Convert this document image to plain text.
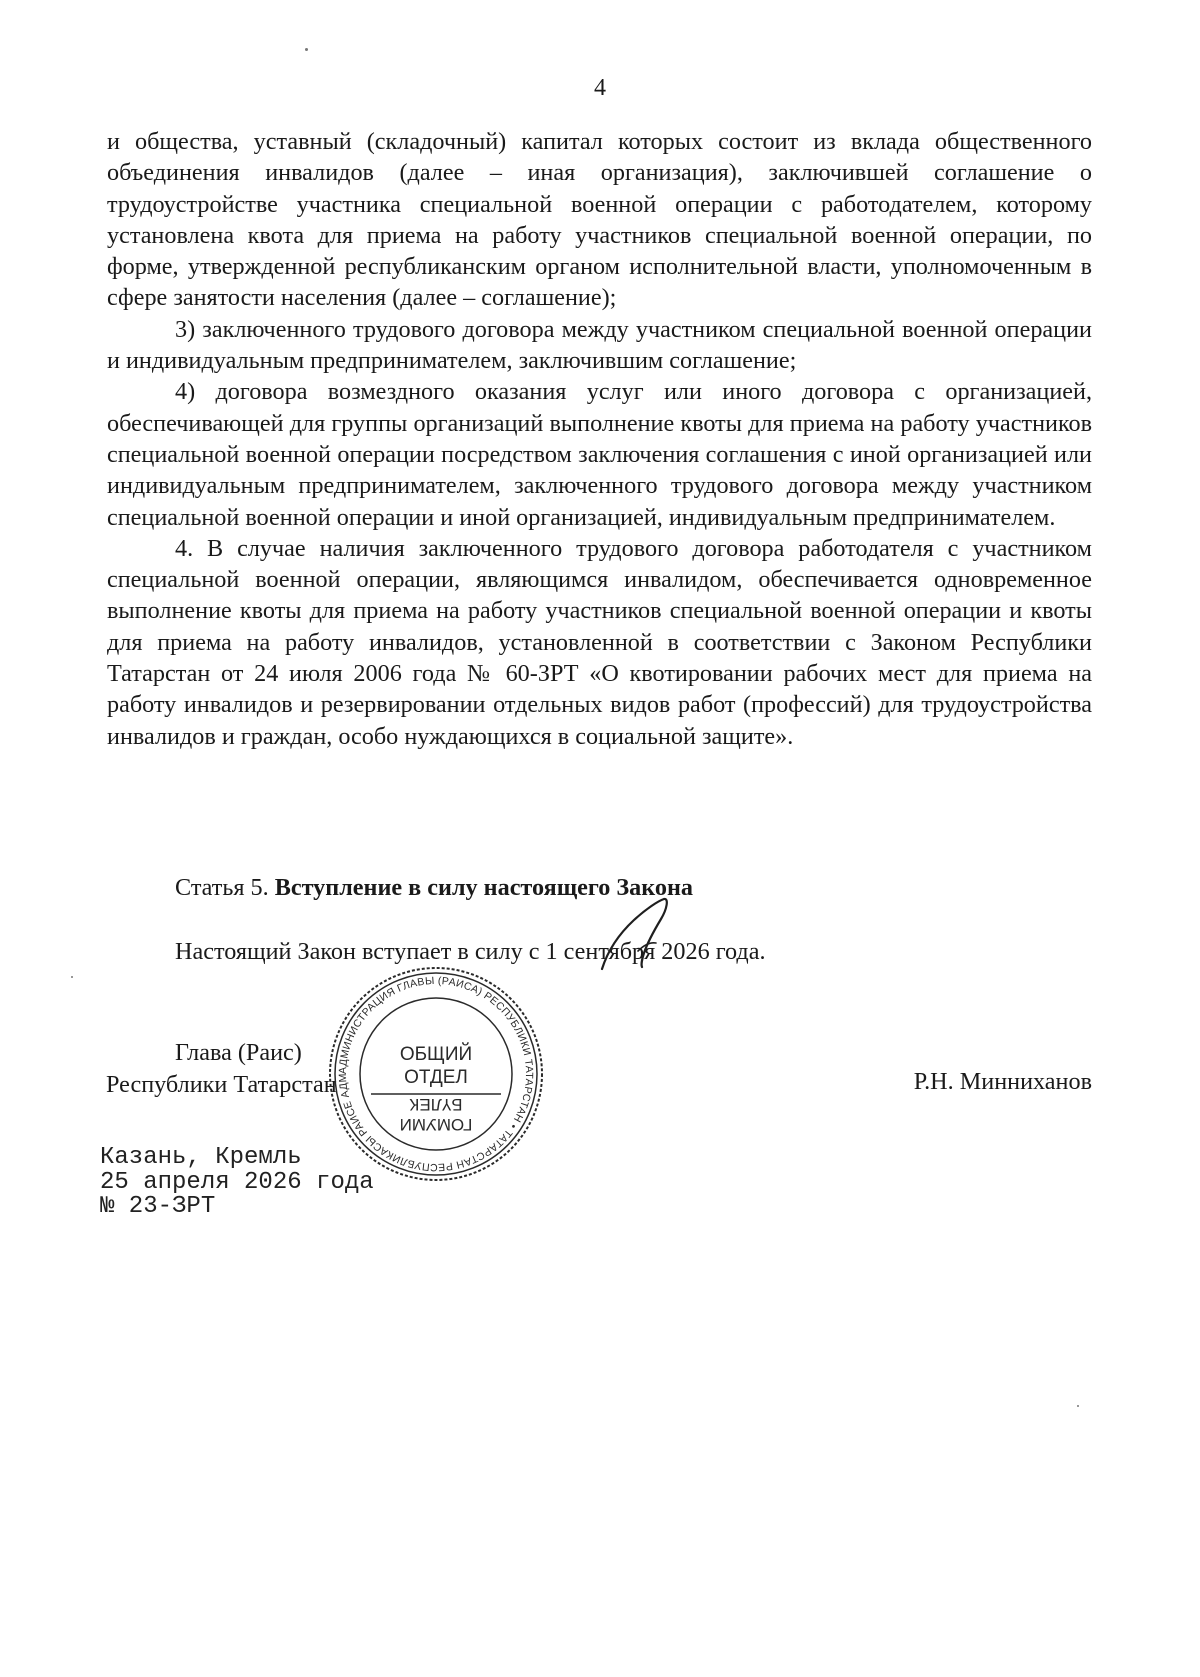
4

и общества, уставный (складочный) капитал которых состоит из вклада общественного объединения инвалидов (далее – иная организация), заключившей соглашение о трудоустройстве участника специальной военной операции с работодателем, которому установлена квота для приема на работу участников специальной военной операции, по форме, утвержденной республиканским органом исполнительной власти, уполномоченным в сфере занятости населения (далее – соглашение);

3) заключенного трудового договора между участником специальной военной операции и индивидуальным предпринимателем, заключившим соглашение;

4) договора возмездного оказания услуг или иного договора с организацией, обеспечивающей для группы организаций выполнение квоты для приема на работу участников специальной военной операции посредством заключения соглашения с иной организацией или индивидуальным предпринимателем, заключенного трудового договора между участником специальной военной операции и иной организацией, индивидуальным предпринимателем.

4. В случае наличия заключенного трудового договора работодателя с участником специальной военной операции, являющимся инвалидом, обеспечивается одновременное выполнение квоты для приема на работу участников специальной военной операции и квоты для приема на работу инвалидов, установленной в соответствии с Законом Республики Татарстан от 24 июля 2006 года № 60-ЗРТ «О квотировании рабочих мест для приема на работу инвалидов и резервировании отдельных видов работ (профессий) для трудоустройства инвалидов и граждан, особо нуждающихся в социальной защите».

Статья 5. Вступление в силу настоящего Закона
Настоящий Закон вступает в силу с 1 сентября 2026 года.
Глава (Раис)
Республики Татарстан	Р.Н. Минниханов
Казань, Кремль
25 апреля 2026 года
№ 23-ЗРТ
АДМИНИСТРАЦИЯ ГЛАВЫ (РАИСА) РЕСПУБЛИКИ ТАТАРСТАН • ТАТАРСТАН РЕСПУБЛИКАСЫ РАИСЕ АДМ
ОБЩИЙ
ОТДЕЛ
ГОМУМИ
БҮЛЕК
